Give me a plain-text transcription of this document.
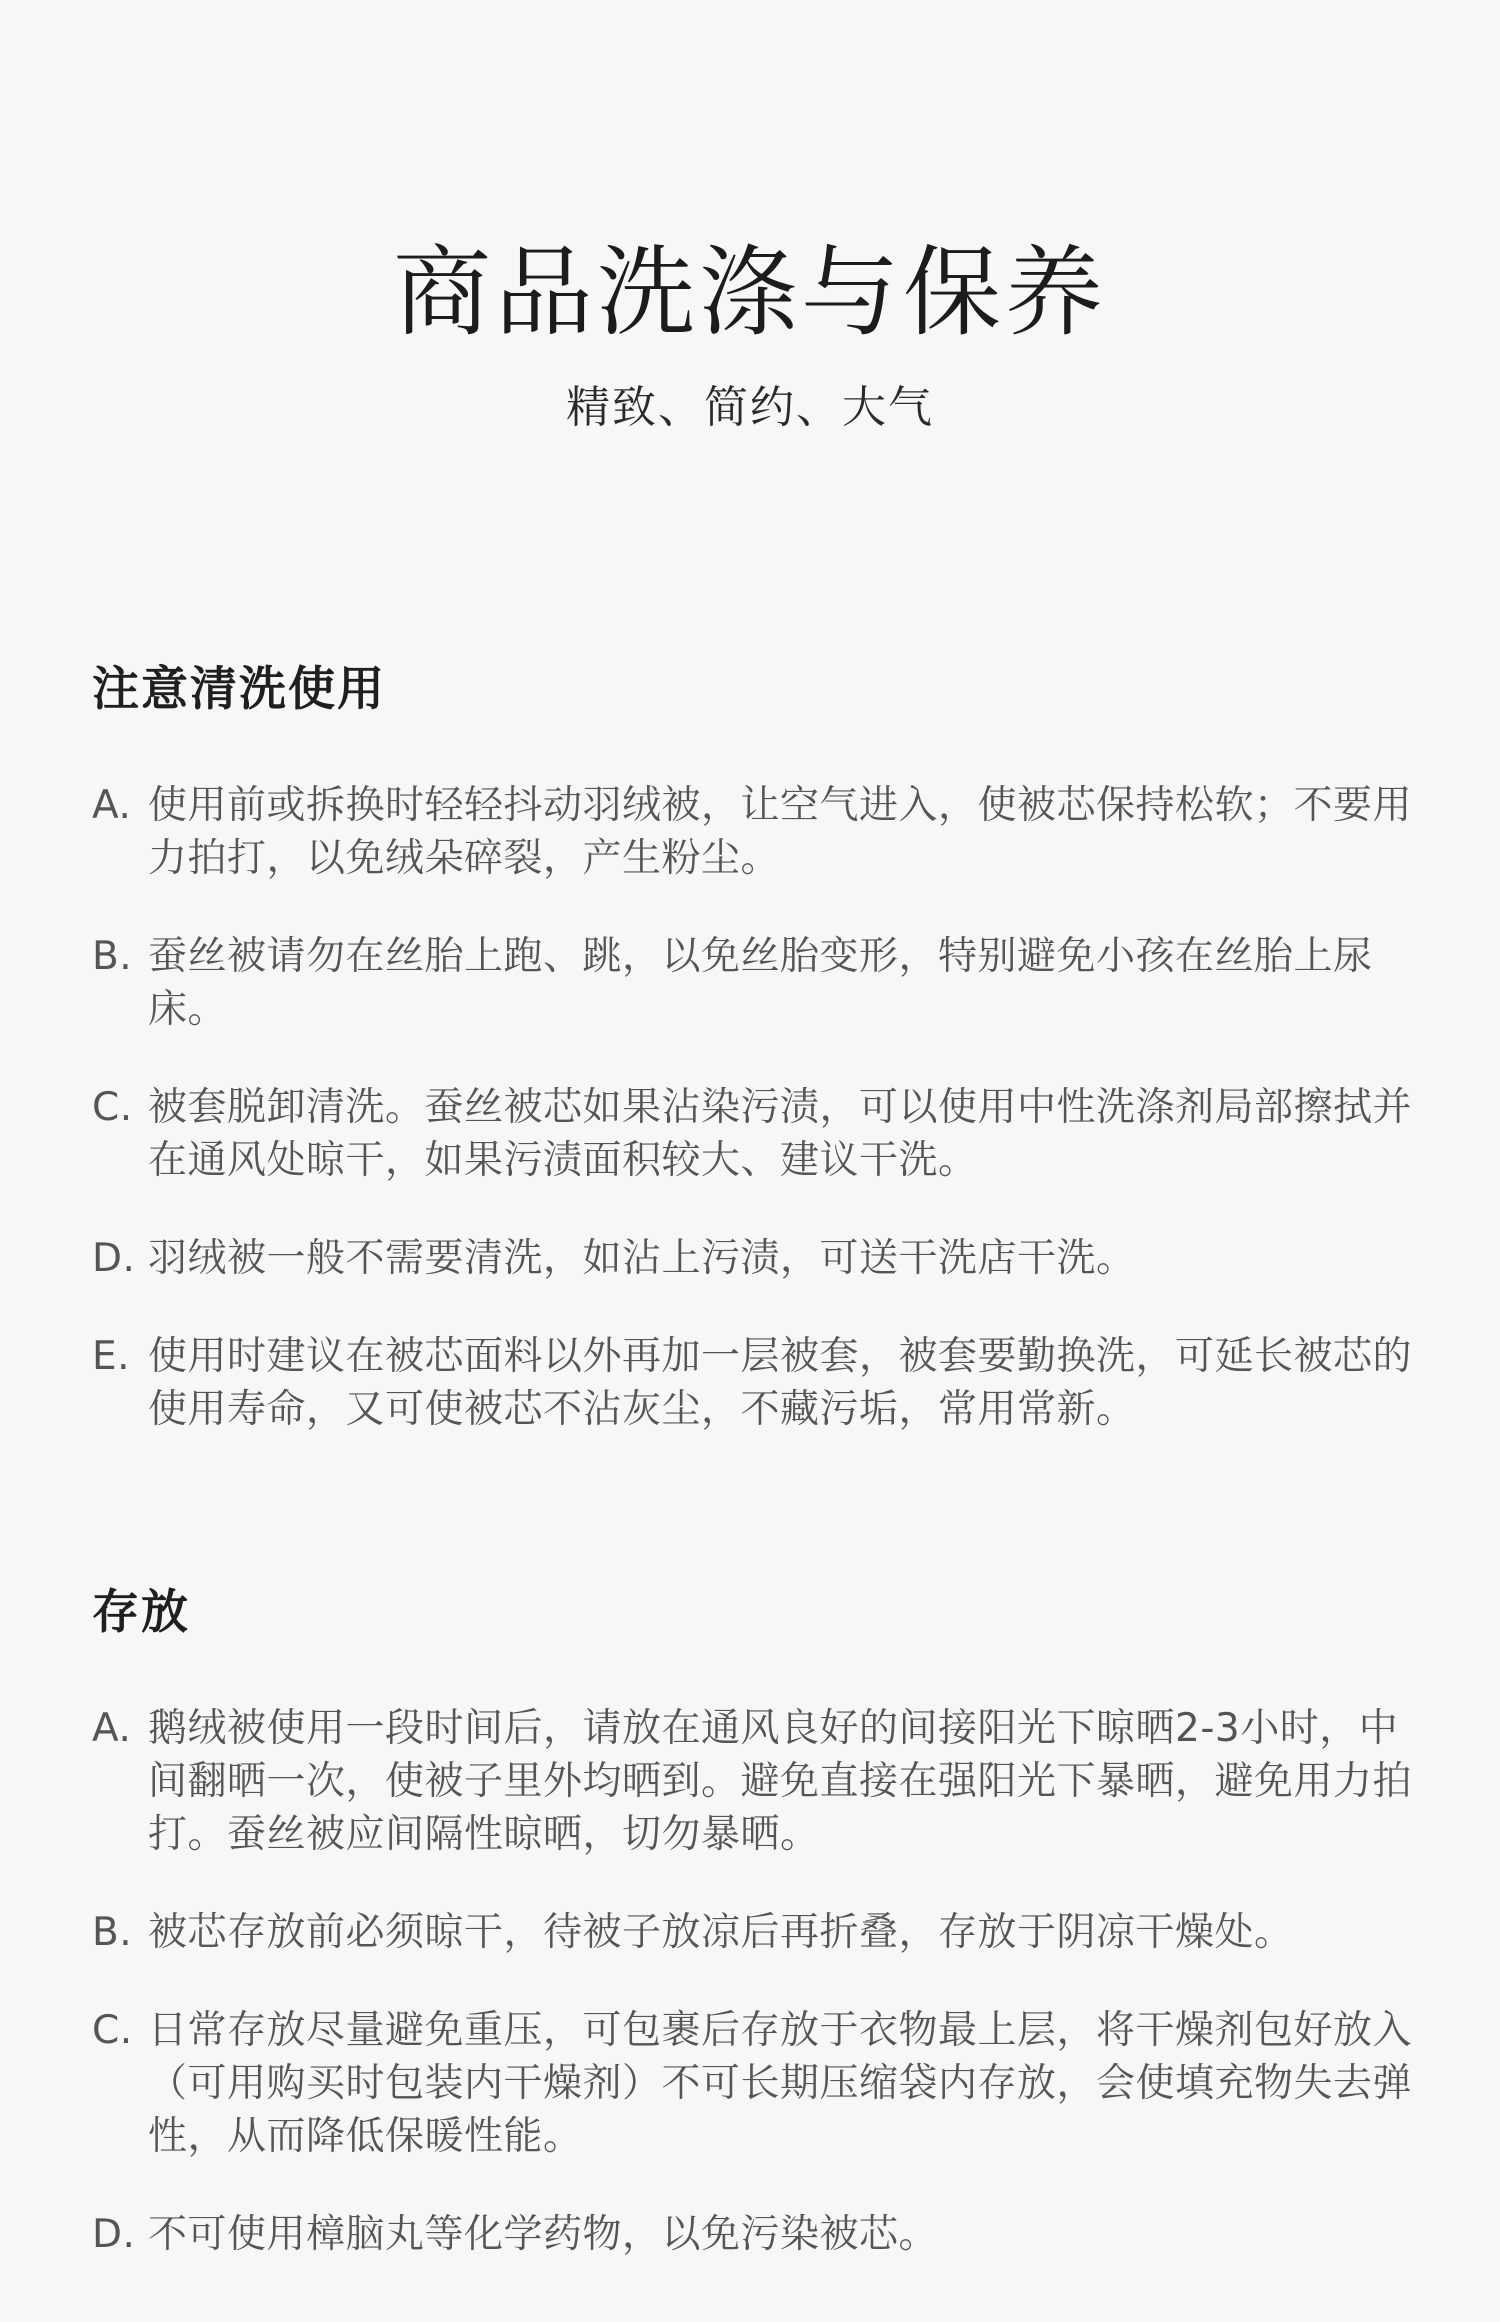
商品洗涤与保养

精致、简约、大气

注意清洗使用
A. 使用前或拆换时轻轻抖动羽绒被，让空气进入，使被芯保持松软；不要用力拍打，以免绒朵碎裂，产生粉尘。
B. 蚕丝被请勿在丝胎上跑、跳，以免丝胎变形，特别避免小孩在丝胎上尿床。
C. 被套脱卸清洗。蚕丝被芯如果沾染污渍，可以使用中性洗涤剂局部擦拭并在通风处晾干，如果污渍面积较大、建议干洗。
D. 羽绒被一般不需要清洗，如沾上污渍，可送干洗店干洗。
E. 使用时建议在被芯面料以外再加一层被套，被套要勤换洗，可延长被芯的使用寿命，又可使被芯不沾灰尘，不藏污垢，常用常新。
存放
A. 鹅绒被使用一段时间后，请放在通风良好的间接阳光下晾晒2-3小时，中间翻晒一次，使被子里外均晒到。避免直接在强阳光下暴晒，避免用力拍打。蚕丝被应间隔性晾晒，切勿暴晒。
B. 被芯存放前必须晾干，待被子放凉后再折叠，存放于阴凉干燥处。
C. 日常存放尽量避免重压，可包裹后存放于衣物最上层，将干燥剂包好放入（可用购买时包装内干燥剂）不可长期压缩袋内存放，会使填充物失去弹性，从而降低保暖性能。
D. 不可使用樟脑丸等化学药物，以免污染被芯。
